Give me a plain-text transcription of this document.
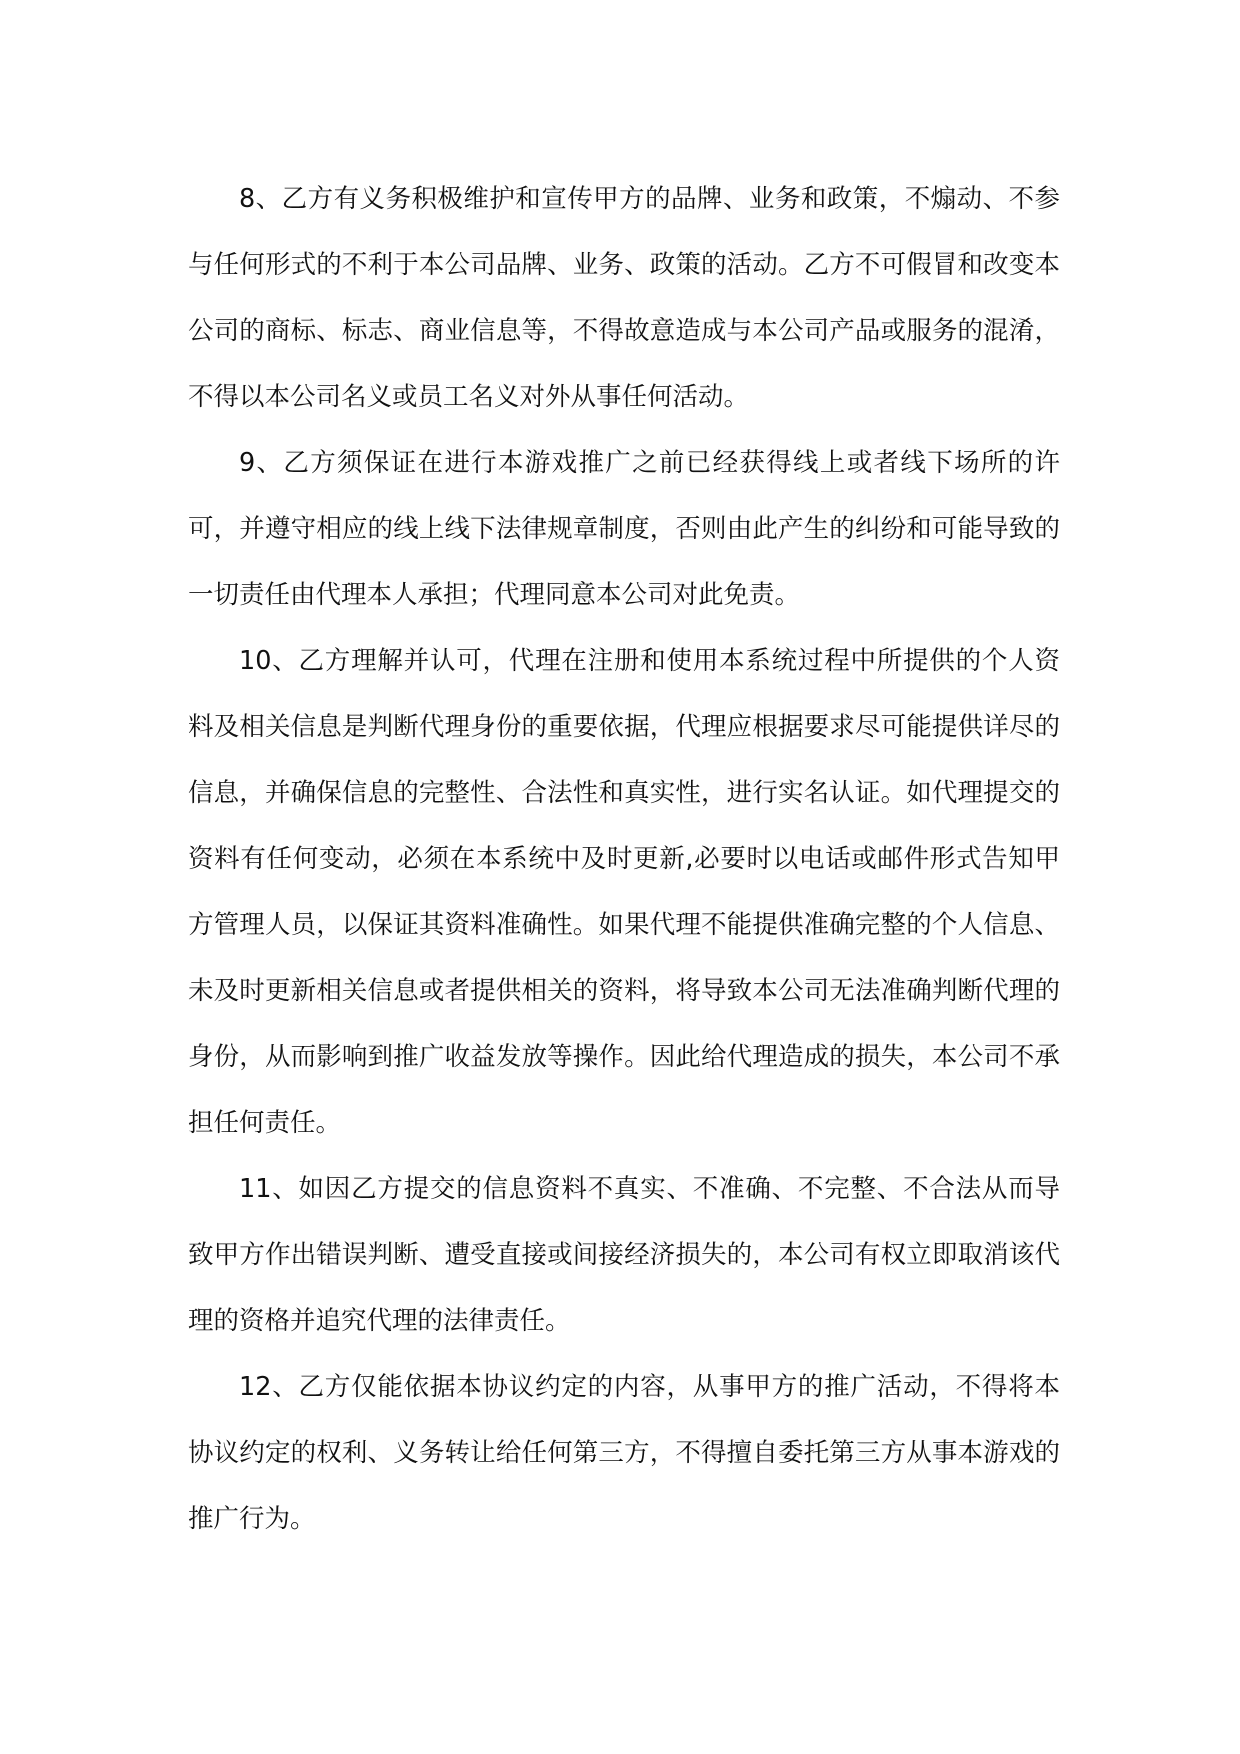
8、乙方有义务积极维护和宣传甲方的品牌、业务和政策，不煽动、不参与任何形式的不利于本公司品牌、业务、政策的活动。乙方不可假冒和改变本公司的商标、标志、商业信息等，不得故意造成与本公司产品或服务的混淆，不得以本公司名义或员工名义对外从事任何活动。

9、乙方须保证在进行本游戏推广之前已经获得线上或者线下场所的许可，并遵守相应的线上线下法律规章制度，否则由此产生的纠纷和可能导致的一切责任由代理本人承担；代理同意本公司对此免责。

10、乙方理解并认可，代理在注册和使用本系统过程中所提供的个人资料及相关信息是判断代理身份的重要依据，代理应根据要求尽可能提供详尽的信息，并确保信息的完整性、合法性和真实性，进行实名认证。如代理提交的资料有任何变动，必须在本系统中及时更新,必要时以电话或邮件形式告知甲方管理人员，以保证其资料准确性。如果代理不能提供准确完整的个人信息、未及时更新相关信息或者提供相关的资料，将导致本公司无法准确判断代理的身份，从而影响到推广收益发放等操作。因此给代理造成的损失，本公司不承担任何责任。

11、如因乙方提交的信息资料不真实、不准确、不完整、不合法从而导致甲方作出错误判断、遭受直接或间接经济损失的，本公司有权立即取消该代理的资格并追究代理的法律责任。

12、乙方仅能依据本协议约定的内容，从事甲方的推广活动，不得将本协议约定的权利、义务转让给任何第三方，不得擅自委托第三方从事本游戏的推广行为。
